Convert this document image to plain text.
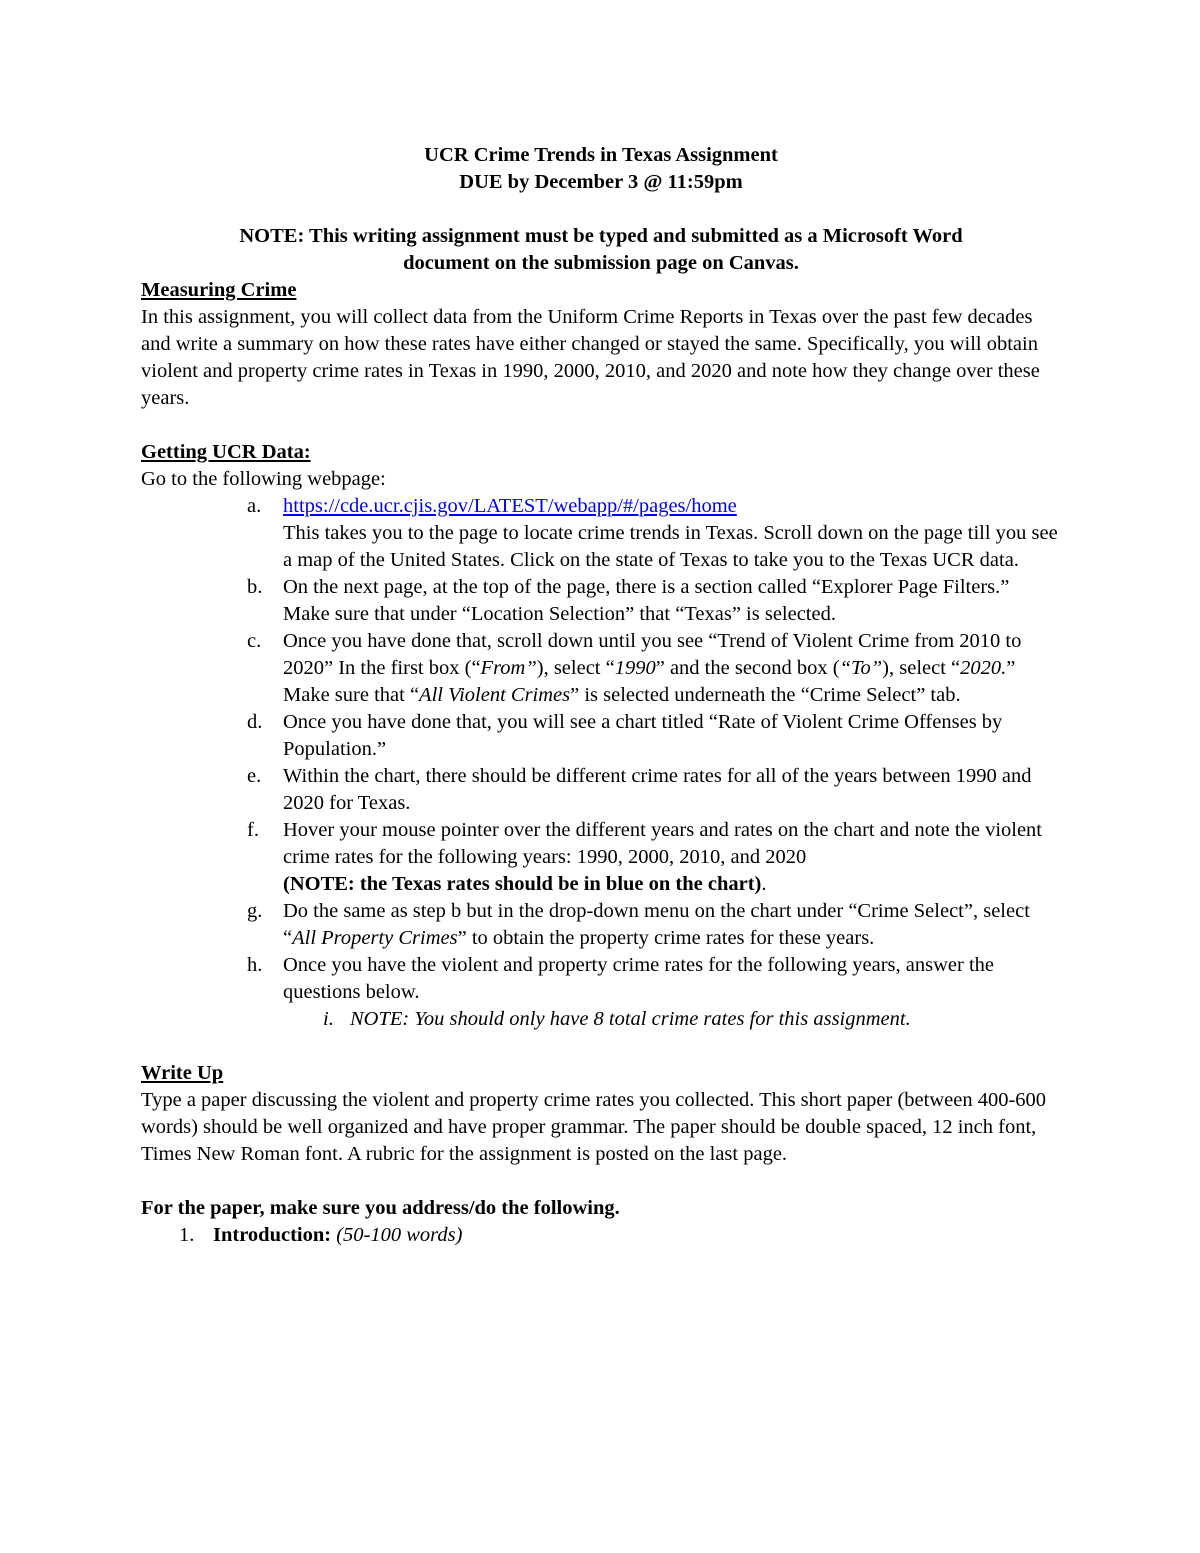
UCR Crime Trends in Texas Assignment
DUE by December 3 @ 11:59pm
NOTE: This writing assignment must be typed and submitted as a Microsoft Word
document on the submission page on Canvas.
Measuring Crime

In this assignment, you will collect data from the Uniform Crime Reports in Texas over the past few decades and write a summary on how these rates have either changed or stayed the same. Specifically, you will obtain violent and property crime rates in Texas in 1990, 2000, 2010, and 2020 and note how they change over these years.

Getting UCR Data:

Go to the following webpage:

a. https://cde.ucr.cjis.gov/LATEST/webapp/#/pages/home
This takes you to the page to locate crime trends in Texas. Scroll down on the page till you see a map of the United States. Click on the state of Texas to take you to the Texas UCR data.
b. On the next page, at the top of the page, there is a section called “Explorer Page Filters.” Make sure that under “Location Selection” that “Texas” is selected.
c. Once you have done that, scroll down until you see “Trend of Violent Crime from 2010 to 2020” In the first box (“From”), select “1990” and the second box (“To”), select “2020.” Make sure that “All Violent Crimes” is selected underneath the “Crime Select” tab.
d. Once you have done that, you will see a chart titled “Rate of Violent Crime Offenses by Population.”
e. Within the chart, there should be different crime rates for all of the years between 1990 and 2020 for Texas.
f. Hover your mouse pointer over the different years and rates on the chart and note the violent crime rates for the following years: 1990, 2000, 2010, and 2020
(NOTE: the Texas rates should be in blue on the chart).
g. Do the same as step b but in the drop-down menu on the chart under “Crime Select”, select “All Property Crimes” to obtain the property crime rates for these years.
h. Once you have the violent and property crime rates for the following years, answer the questions below.
i. NOTE: You should only have 8 total crime rates for this assignment.
Write Up

Type a paper discussing the violent and property crime rates you collected. This short paper (between 400-600 words) should be well organized and have proper grammar. The paper should be double spaced, 12 inch font, Times New Roman font. A rubric for the assignment is posted on the last page.

For the paper, make sure you address/do the following.
1. Introduction: (50-100 words)
